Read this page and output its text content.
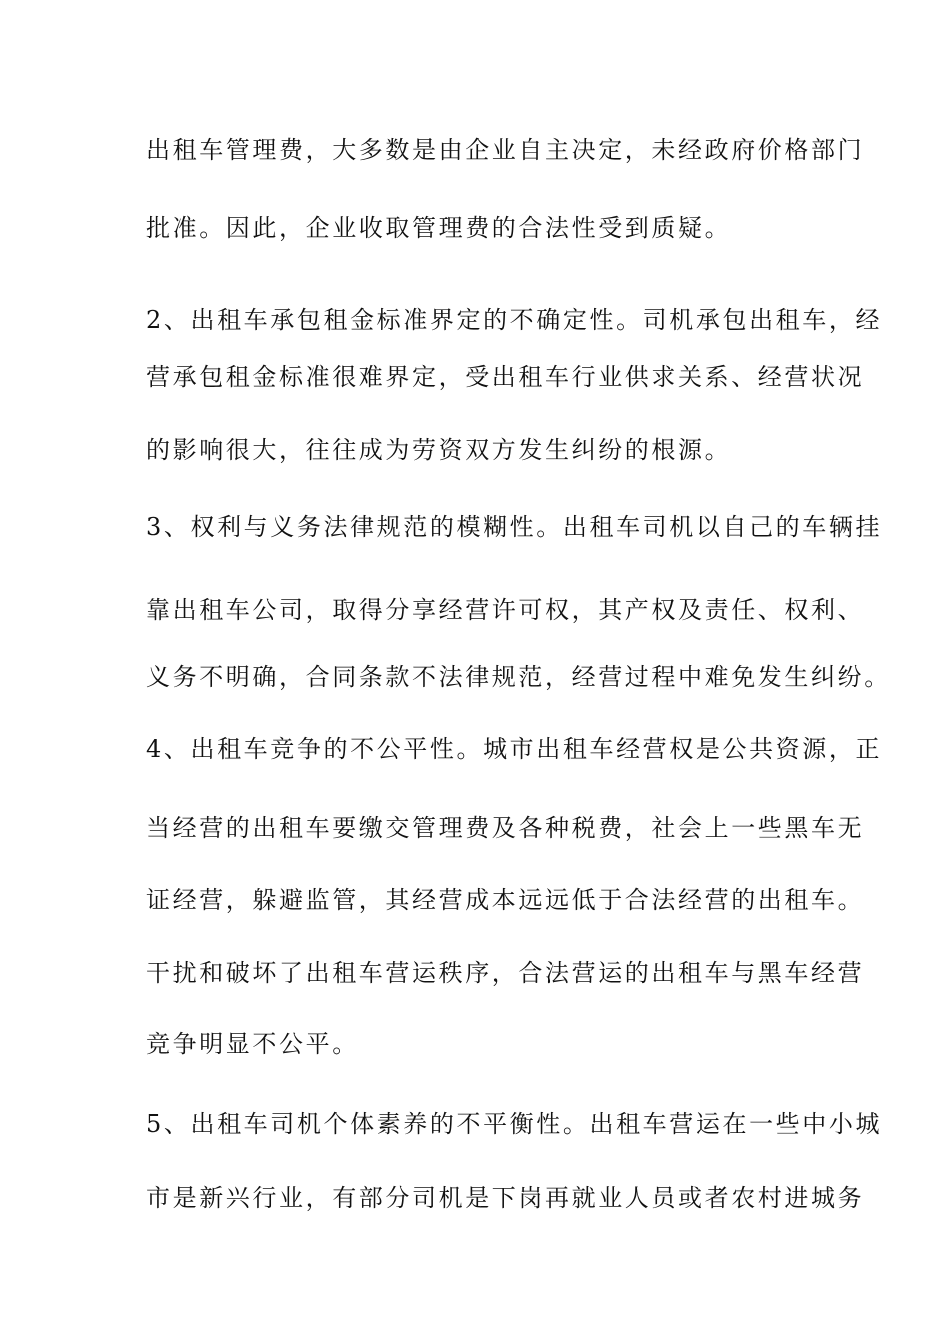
出租车管理费，大多数是由企业自主决定，未经政府价格部门
批准。因此，企业收取管理费的合法性受到质疑。
2、出租车承包租金标准界定的不确定性。司机承包出租车，经
营承包租金标准很难界定，受出租车行业供求关系、经营状况
的影响很大，往往成为劳资双方发生纠纷的根源。
3、权利与义务法律规范的模糊性。出租车司机以自己的车辆挂
靠出租车公司，取得分享经营许可权，其产权及责任、权利、
义务不明确，合同条款不法律规范，经营过程中难免发生纠纷。
4、出租车竞争的不公平性。城市出租车经营权是公共资源，正
当经营的出租车要缴交管理费及各种税费，社会上一些黑车无
证经营，躲避监管，其经营成本远远低于合法经营的出租车。
干扰和破坏了出租车营运秩序，合法营运的出租车与黑车经营
竞争明显不公平。
5、出租车司机个体素养的不平衡性。出租车营运在一些中小城
市是新兴行业，有部分司机是下岗再就业人员或者农村进城务
